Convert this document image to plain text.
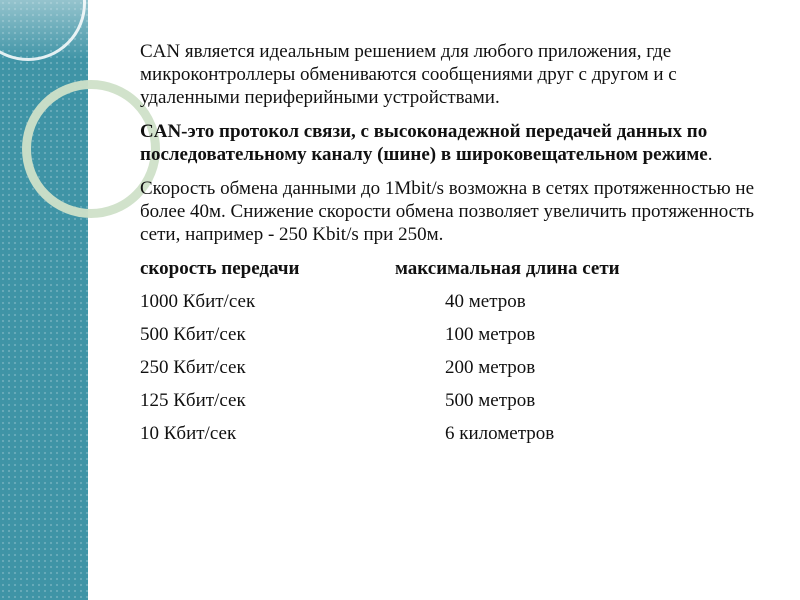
CAN является идеальным решением для любого приложения, где микроконтроллеры обмениваются сообщениями друг с другом и с удаленными периферийными устройствами.

CAN-это протокол связи, с высоконадежной передачей данных по последовательному каналу (шине) в широковещательном режиме.

Скорость обмена данными до 1Mbit/s возможна в сетях протяженностью не более 40м. Снижение скорости обмена позволяет увеличить протяженность сети, например - 250 Kbit/s при 250м.

скорость передачи	максимальная длина сети
1000 Кбит/сек	40 метров
500 Кбит/сек	100 метров
250 Кбит/сек	200 метров
125 Кбит/сек	500 метров
10 Кбит/сек	6 километров
